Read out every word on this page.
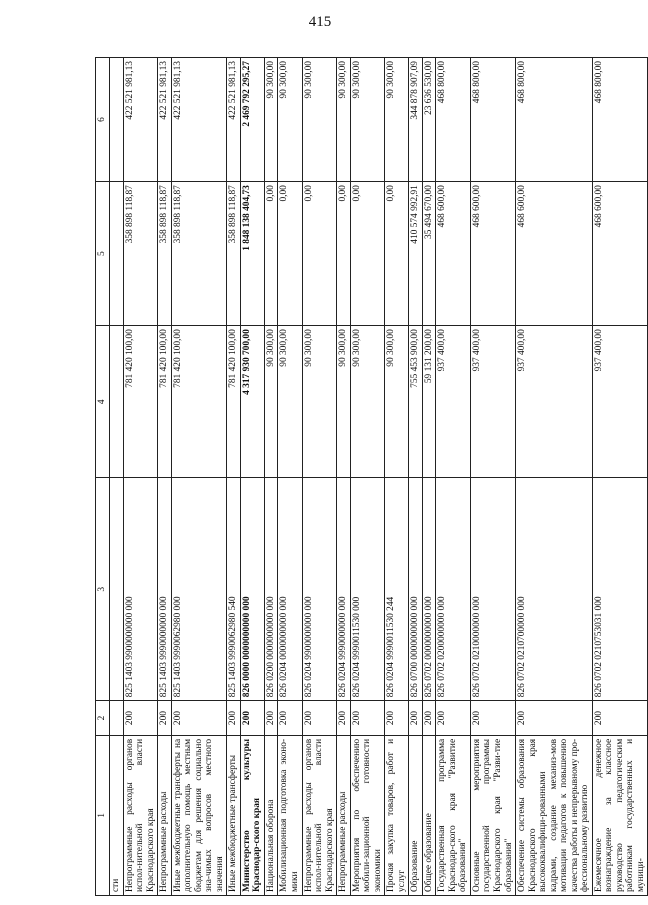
415
1	2	3	4	5	6
сти					
Непрограммные расходы органов испол-нительной власти Краснодарского края	200	825 1403 9900000000 000	781 420 100,00	358 898 118,87	422 521 981,13
Непрограммные расходы	200	825 1403 9990000000 000	781 420 100,00	358 898 118,87	422 521 981,13
Иные межбюджетные трансферты на дополнительную помощь местным бюджетам для решения социально зна-чимых вопросов местного значения	200	825 1403 9990062980 000	781 420 100,00	358 898 118,87	422 521 981,13
Иные межбюджетные трансферты	200	825 1403 9990062980 540	781 420 100,00	358 898 118,87	422 521 981,13
Министерство культуры Краснодар-ского края	200	826 0000 0000000000 000	4 317 930 700,00	1 848 138 404,73	2 469 792 295,27
Национальная оборона	200	826 0200 0000000000 000	90 300,00	0,00	90 300,00
Мобилизационная подготовка эконо-мики	200	826 0204 0000000000 000	90 300,00	0,00	90 300,00
Непрограммные расходы органов испол-нительной власти Краснодарского края	200	826 0204 9900000000 000	90 300,00	0,00	90 300,00
Непрограммные расходы	200	826 0204 9990000000 000	90 300,00	0,00	90 300,00
Мероприятия по обеспечению мобили-зационной готовности экономики	200	826 0204 9990011530 000	90 300,00	0,00	90 300,00
Прочая закупка товаров, работ и услуг	200	826 0204 9990011530 244	90 300,00	0,00	90 300,00
Образование	200	826 0700 0000000000 000	755 453 900,00	410 574 992,91	344 878 907,09
Общее образование	200	826 0702 0000000000 000	59 131 200,00	35 494 670,00	23 636 530,00
Государственная программа Краснодар-ского края "Развитие образования"	200	826 0702 0200000000 000	937 400,00	468 600,00	468 800,00
Основные мероприятия государственной программы Краснодарского края "Разви-тие образования"	200	826 0702 0210000000 000	937 400,00	468 600,00	468 800,00
Обеспечение системы образования Краснодарского края высококвалифици-рованными кадрами, создание механиз-мов мотивации педагогов к повышению качества работы и непрерывному про-фессиональному развитию	200	826 0702 0210700000 000	937 400,00	468 600,00	468 800,00
Ежемесячное денежное вознаграждение за классное руководство педагогическим работникам государственных и муници-	200	826 0702 0210753031 000	937 400,00	468 600,00	468 800,00
